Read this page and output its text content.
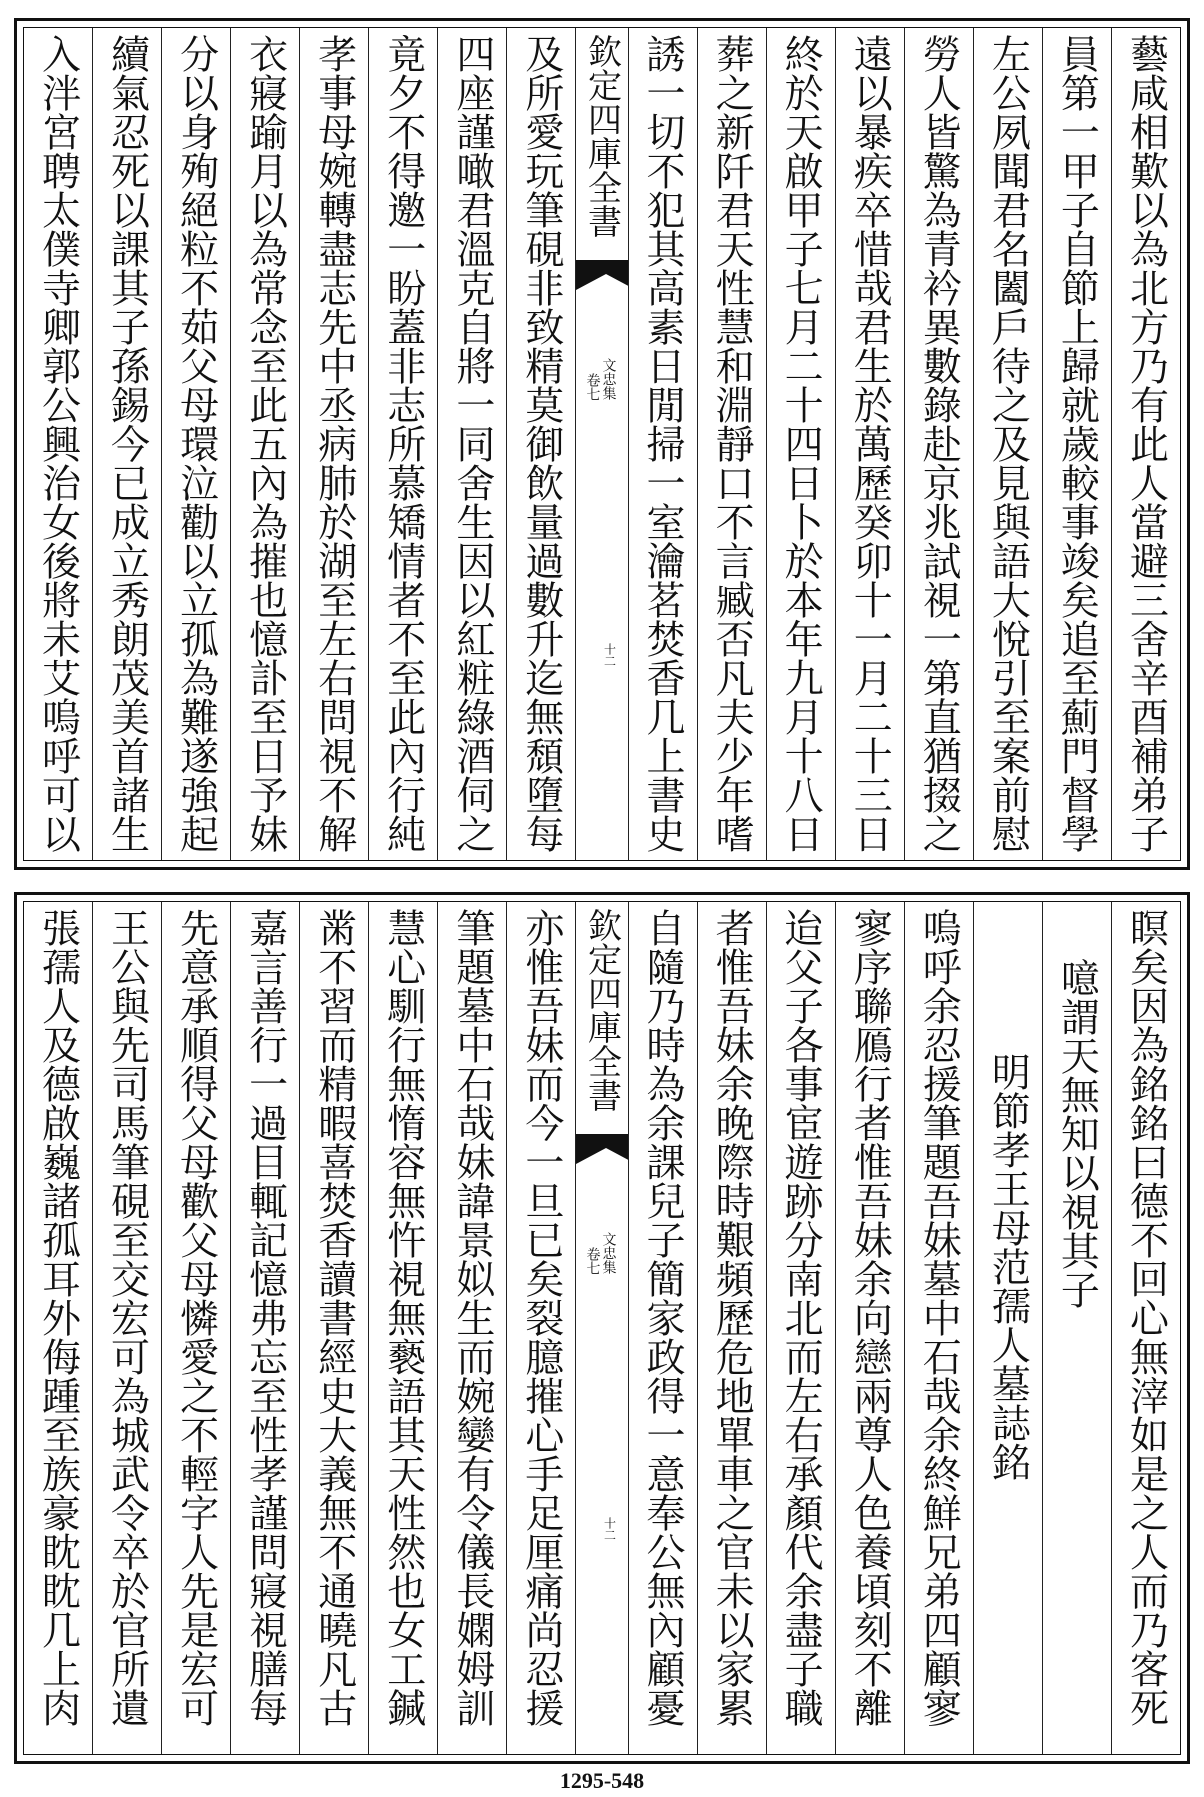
藝咸相歎以為北方乃有此人當避三舍辛酉補弟子
員第一甲子自節上歸就歲較事竣矣追至薊門督學
左公夙聞君名闔戶待之及見與語大悅引至案前慰
勞人皆驚為青衿異數錄赴京兆試視一第直猶掇之
遠以暴疾卒惜哉君生於萬歷癸卯十一月二十三日
終於天啟甲子七月二十四日卜於本年九月十八日
葬之新阡君天性慧和淵靜口不言臧否凡夫少年嗜
誘一切不犯其高素日閒掃一室瀹茗焚香几上書史
欽定四庫全書
文忠集
卷七
十二
及所愛玩筆硯非致精莫御飲量過數升迄無頹墮每
四座謹噉君溫克自將一同舍生因以紅粧綠酒伺之
竟夕不得邀一盼蓋非志所慕矯情者不至此內行純
孝事母婉轉盡志先中丞病肺於湖至左右問視不解
衣寢踰月以為常念至此五內為摧也憶訃至日予妹
分以身殉絕粒不茹父母環泣勸以立孤為難遂強起
續氣忍死以課其子孫錫今已成立秀朗茂美首諸生
入泮宮聘太僕寺卿郭公興治女後將未艾嗚呼可以
瞑矣因為銘銘曰德不回心無滓如是之人而乃客死
噫謂天無知以視其子
明節孝王母范孺人墓誌銘
嗚呼余忍援筆題吾妹墓中石哉余終鮮兄弟四顧寥
寥序聯鴈行者惟吾妹余向戀兩尊人色養頃刻不離
迨父子各事宦遊跡分南北而左右承顏代余盡子職
者惟吾妹余晚際時艱頻歷危地單車之官未以家累
自隨乃時為余課兒子簡家政得一意奉公無內顧憂
欽定四庫全書
文忠集
卷七
十二
亦惟吾妹而今一旦已矣裂臆摧心手足厘痛尚忍援
筆題墓中石哉妹諱景姒生而婉孌有令儀長嫻姆訓
慧心馴行無惰容無忤視無褻語其天性然也女工鍼
黹不習而精暇喜焚香讀書經史大義無不通曉凡古
嘉言善行一過目輒記憶弗忘至性孝謹問寢視膳每
先意承順得父母歡父母憐愛之不輕字人先是宏可
王公與先司馬筆硯至交宏可為城武令卒於官所遺
張孺人及德啟巍諸孤耳外侮踵至族豪眈眈几上肉
1295-548
